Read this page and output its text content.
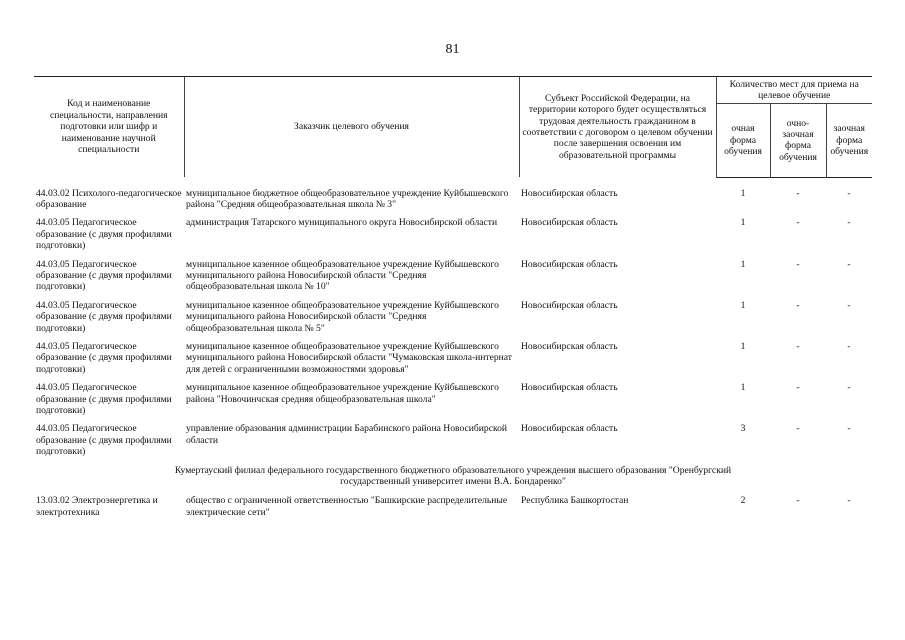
81
Код и наименование специальности, направления подготовки или шифр и наименование научной специальности	Заказчик целевого обучения	Субъект Российской Федерации, на территории которого будет осуществляться трудовая деятельность гражданином в соответствии с договором о целевом обучении после завершения освоения им образовательной программы	Количество мест для приема на целевое обучение		
			очная форма обучения	очно-заочная форма обучения	заочная форма обучения

44.03.02 Психолого-педагогическое образование	муниципальное бюджетное общеобразовательное учреждение Куйбышевского района "Средняя общеобразовательная школа № 3"	Новосибирская область	1	-	-
44.03.05 Педагогическое образование (с двумя профилями подготовки)	администрация Татарского муниципального округа Новосибирской области	Новосибирская область	1	-	-
44.03.05 Педагогическое образование (с двумя профилями подготовки)	муниципальное казенное общеобразовательное учреждение Куйбышевского муниципального района Новосибирской области "Средняя общеобразовательная школа № 10"	Новосибирская область	1	-	-
44.03.05 Педагогическое образование (с двумя профилями подготовки)	муниципальное казенное общеобразовательное учреждение Куйбышевского муниципального района Новосибирской области "Средняя общеобразовательная школа № 5"	Новосибирская область	1	-	-
44.03.05 Педагогическое образование (с двумя профилями подготовки)	муниципальное казенное общеобразовательное учреждение Куйбышевского муниципального района Новосибирской области "Чумаковская школа-интернат для детей с ограниченными возможностями здоровья"	Новосибирская область	1	-	-
44.03.05 Педагогическое образование (с двумя профилями подготовки)	муниципальное казенное общеобразовательное учреждение Куйбышевского района "Новочинчская средняя общеобразовательная школа"	Новосибирская область	1	-	-
44.03.05 Педагогическое образование (с двумя профилями подготовки)	управление образования администрации Барабинского района Новосибирской области	Новосибирская область	3	-	-
Кумертауский филиал федерального государственного бюджетного образовательного учреждения высшего образования "Оренбургский государственный университет имени В.А. Бондаренко"					
13.03.02 Электроэнергетика и электротехника	общество с ограниченной ответственностью "Башкирские распределительные электрические сети"	Республика Башкортостан	2	-	-
